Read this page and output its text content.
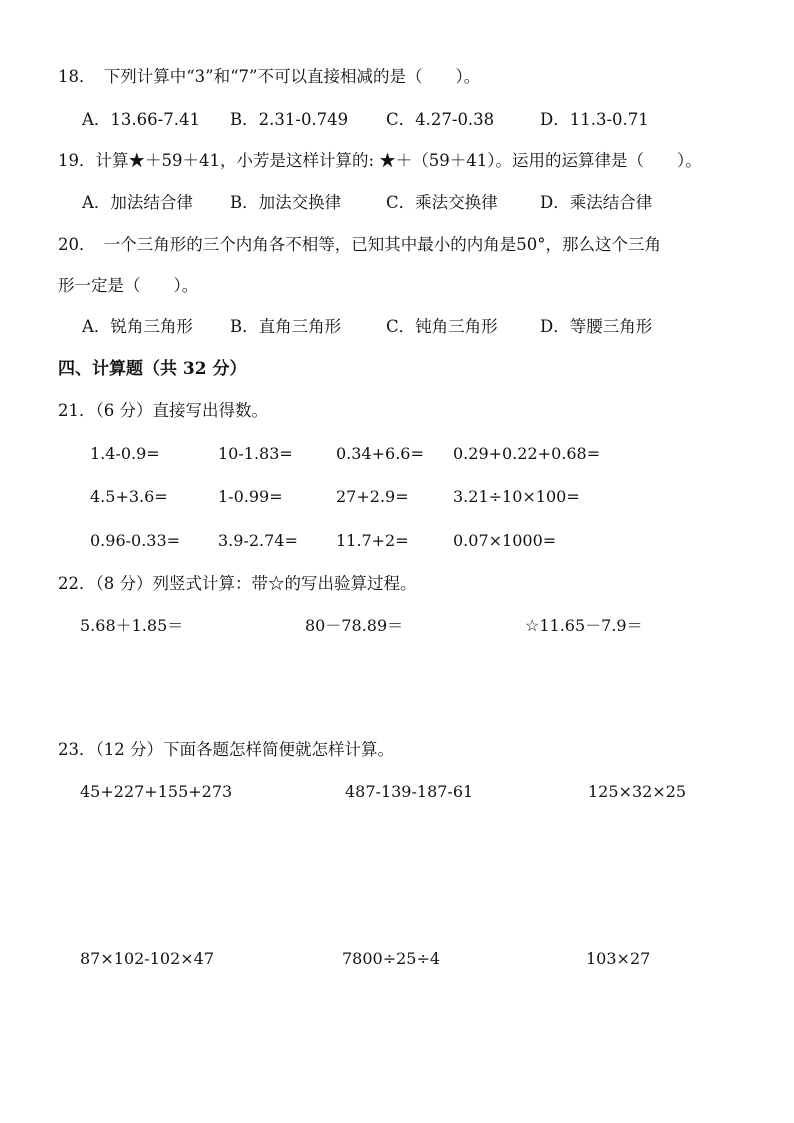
18．　下列计算中“3”和“7”不可以直接相减的是（　　）。
A．13.66-7.41 B．2.31-0.749 C．4.27-0.38	D．11.3-0.71
19．计算★＋59＋41，小芳是这样计算的: ★＋（59＋41）。运用的运算律是（　　）。
A．加法结合律 B．加法交换律	C．乘法交换律	D．乘法结合律
20．　一个三角形的三个内角各不相等，已知其中最小的内角是50°，那么这个三角
形一定是（　　）。
A．锐角三角形 B．直角三角形	C．钝角三角形	D．等腰三角形
四、计算题（共 32 分）
21．（6 分）直接写出得数。
1.4-0.9=	10-1.83=	0.34+6.6= 0.29+0.22+0.68=
4.5+3.6=	1-0.99=	27+2.9=	3.21÷10×100=
0.96-0.33= 3.9-2.74= 11.7+2=	0.07×1000=
22．（8 分）列竖式计算：带☆的写出验算过程。
5.68＋1.85＝	80－78.89＝	☆11.65－7.9＝
23．（12 分）下面各题怎样简便就怎样计算。
45+227+155+273	487-139-187-61	125×32×25
87×102-102×47	7800÷25÷4	103×27
